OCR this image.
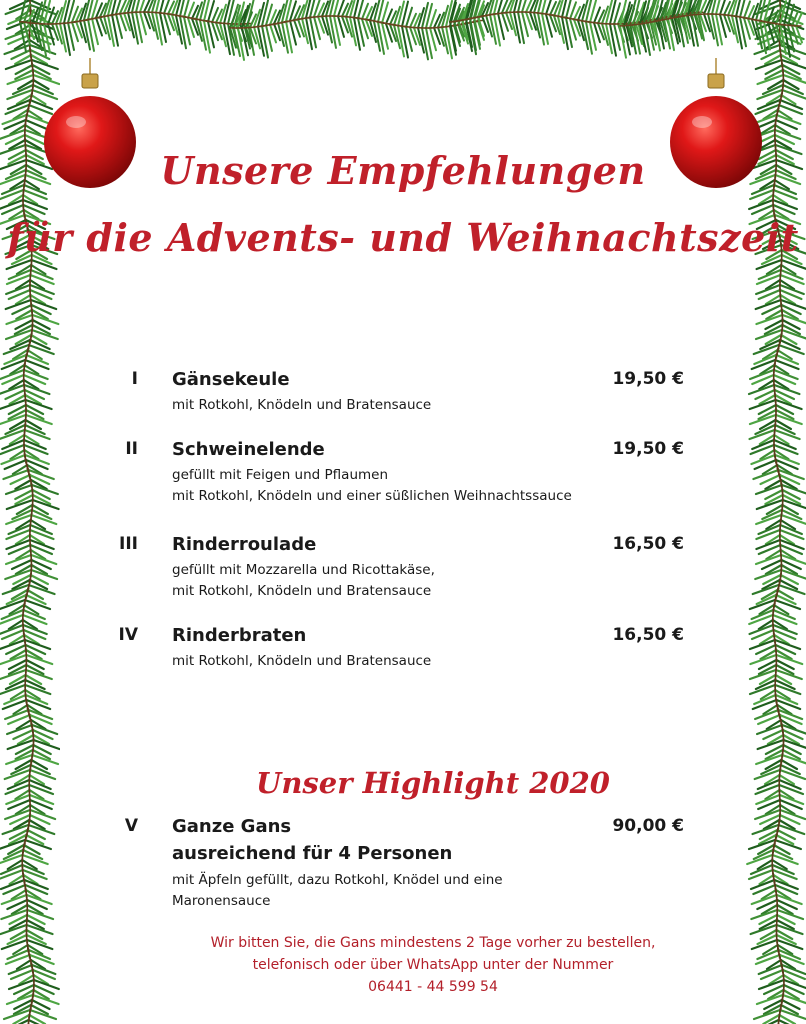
Unsere Empfehlungen
für die Advents- und Weihnachtszeit
I Gänsekeule	19,50 €
mit Rotkohl, Knödeln und Bratensauce
II Schweinelende	19,50 €
gefüllt mit Feigen und Pflaumen
mit Rotkohl, Knödeln und einer süßlichen Weihnachtssauce
III Rinderroulade	16,50 €
gefüllt mit Mozzarella und Ricottakäse,
mit Rotkohl, Knödeln und Bratensauce
IV Rinderbraten	16,50 €
mit Rotkohl, Knödeln und Bratensauce
Unser Highlight 2020
V Ganze Gans	90,00 €
ausreichend für 4 Personen
mit Äpfeln gefüllt, dazu Rotkohl, Knödel und eine
Maronensauce
Wir bitten Sie, die Gans mindestens 2 Tage vorher zu bestellen,
telefonisch oder über WhatsApp unter der Nummer
06441 - 44 599 54
